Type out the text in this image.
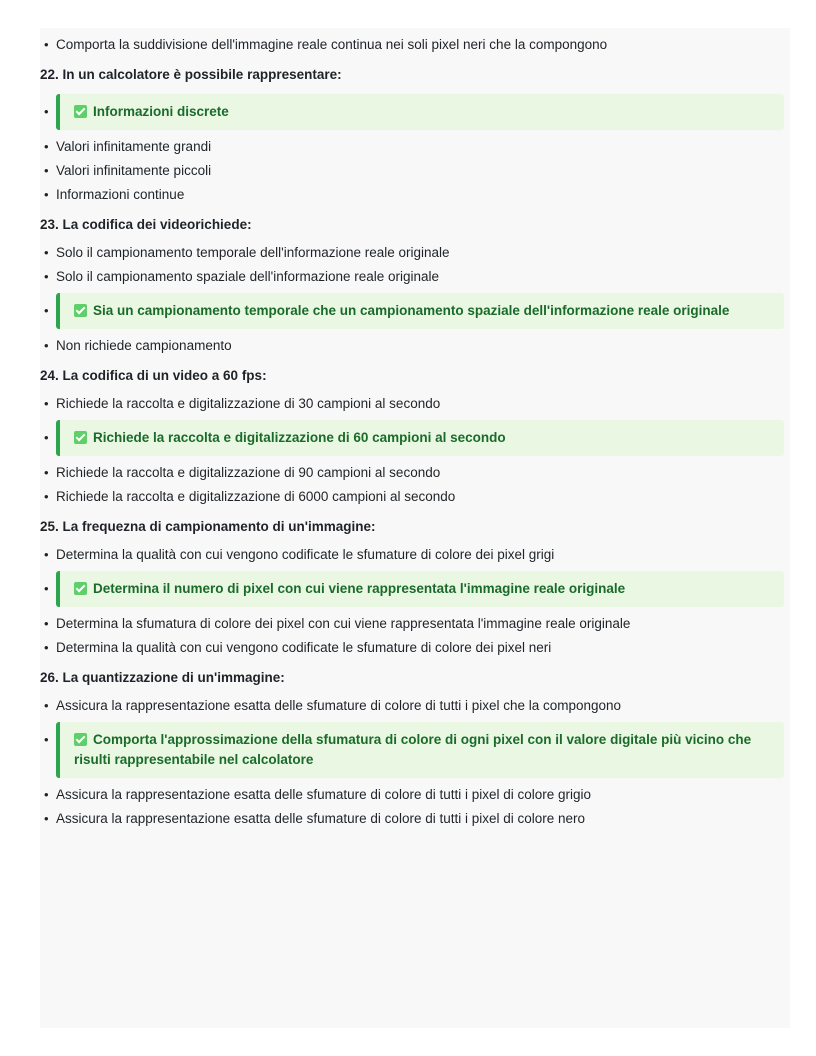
• Comporta la suddivisione dell'immagine reale continua nei soli pixel neri che la compongono
22. In un calcolatore è possibile rappresentare:
• Informazioni discrete
• Valori infinitamente grandi
• Valori infinitamente piccoli
• Informazioni continue
23. La codifica dei videorichiede:
• Solo il campionamento temporale dell'informazione reale originale
• Solo il campionamento spaziale dell'informazione reale originale
• Sia un campionamento temporale che un campionamento spaziale dell'informazione reale originale
• Non richiede campionamento
24. La codifica di un video a 60 fps:
• Richiede la raccolta e digitalizzazione di 30 campioni al secondo
• Richiede la raccolta e digitalizzazione di 60 campioni al secondo
• Richiede la raccolta e digitalizzazione di 90 campioni al secondo
• Richiede la raccolta e digitalizzazione di 6000 campioni al secondo
25. La frequezna di campionamento di un'immagine:
• Determina la qualità con cui vengono codificate le sfumature di colore dei pixel grigi
• Determina il numero di pixel con cui viene rappresentata l'immagine reale originale
• Determina la sfumatura di colore dei pixel con cui viene rappresentata l'immagine reale originale
• Determina la qualità con cui vengono codificate le sfumature di colore dei pixel neri
26. La quantizzazione di un'immagine:
• Assicura la rappresentazione esatta delle sfumature di colore di tutti i pixel che la compongono
• Comporta l'approssimazione della sfumatura di colore di ogni pixel con il valore digitale più vicino che risulti rappresentabile nel calcolatore
• Assicura la rappresentazione esatta delle sfumature di colore di tutti i pixel di colore grigio
• Assicura la rappresentazione esatta delle sfumature di colore di tutti i pixel di colore nero
